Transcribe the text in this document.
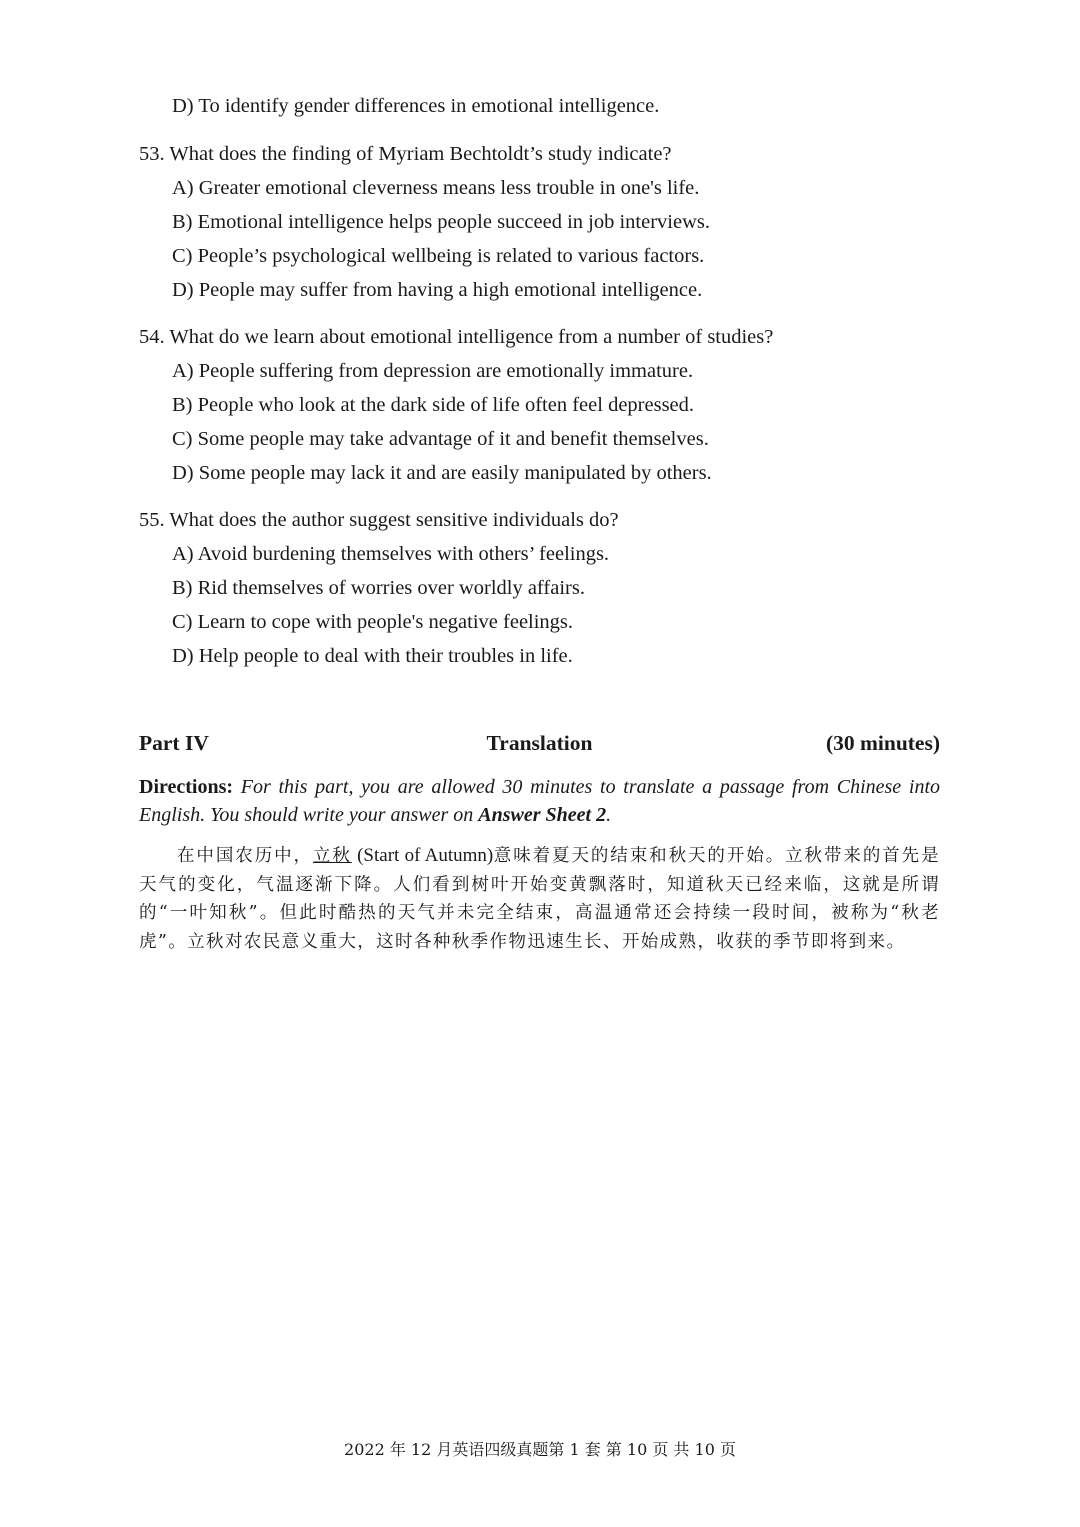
D) To identify gender differences in emotional intelligence.
53. What does the finding of Myriam Bechtoldt’s study indicate?
A) Greater emotional cleverness means less trouble in one's life.
B) Emotional intelligence helps people succeed in job interviews.
C) People’s psychological wellbeing is related to various factors.
D) People may suffer from having a high emotional intelligence.
54. What do we learn about emotional intelligence from a number of studies?
A) People suffering from depression are emotionally immature.
B) People who look at the dark side of life often feel depressed.
C) Some people may take advantage of it and benefit themselves.
D) Some people may lack it and are easily manipulated by others.
55. What does the author suggest sensitive individuals do?
A) Avoid burdening themselves with others’ feelings.
B) Rid themselves of worries over worldly affairs.
C) Learn to cope with people's negative feelings.
D) Help people to deal with their troubles in life.
Translation
Part IV	(30 minutes)
Directions: For this part, you are allowed 30 minutes to translate a passage from Chinese into English. You should write your answer on Answer Sheet 2.
在中国农历中，立秋 (Start of Autumn)意味着夏天的结束和秋天的开始。立秋带来的首先是天气的变化，气温逐渐下降。人们看到树叶开始变黄飘落时，知道秋天已经来临，这就是所谓的“一叶知秋”。但此时酷热的天气并未完全结束，高温通常还会持续一段时间，被称为“秋老虎”。立秋对农民意义重大，这时各种秋季作物迅速生长、开始成熟，收获的季节即将到来。
2022 年 12 月英语四级真题第 1 套 第 10 页 共 10 页
